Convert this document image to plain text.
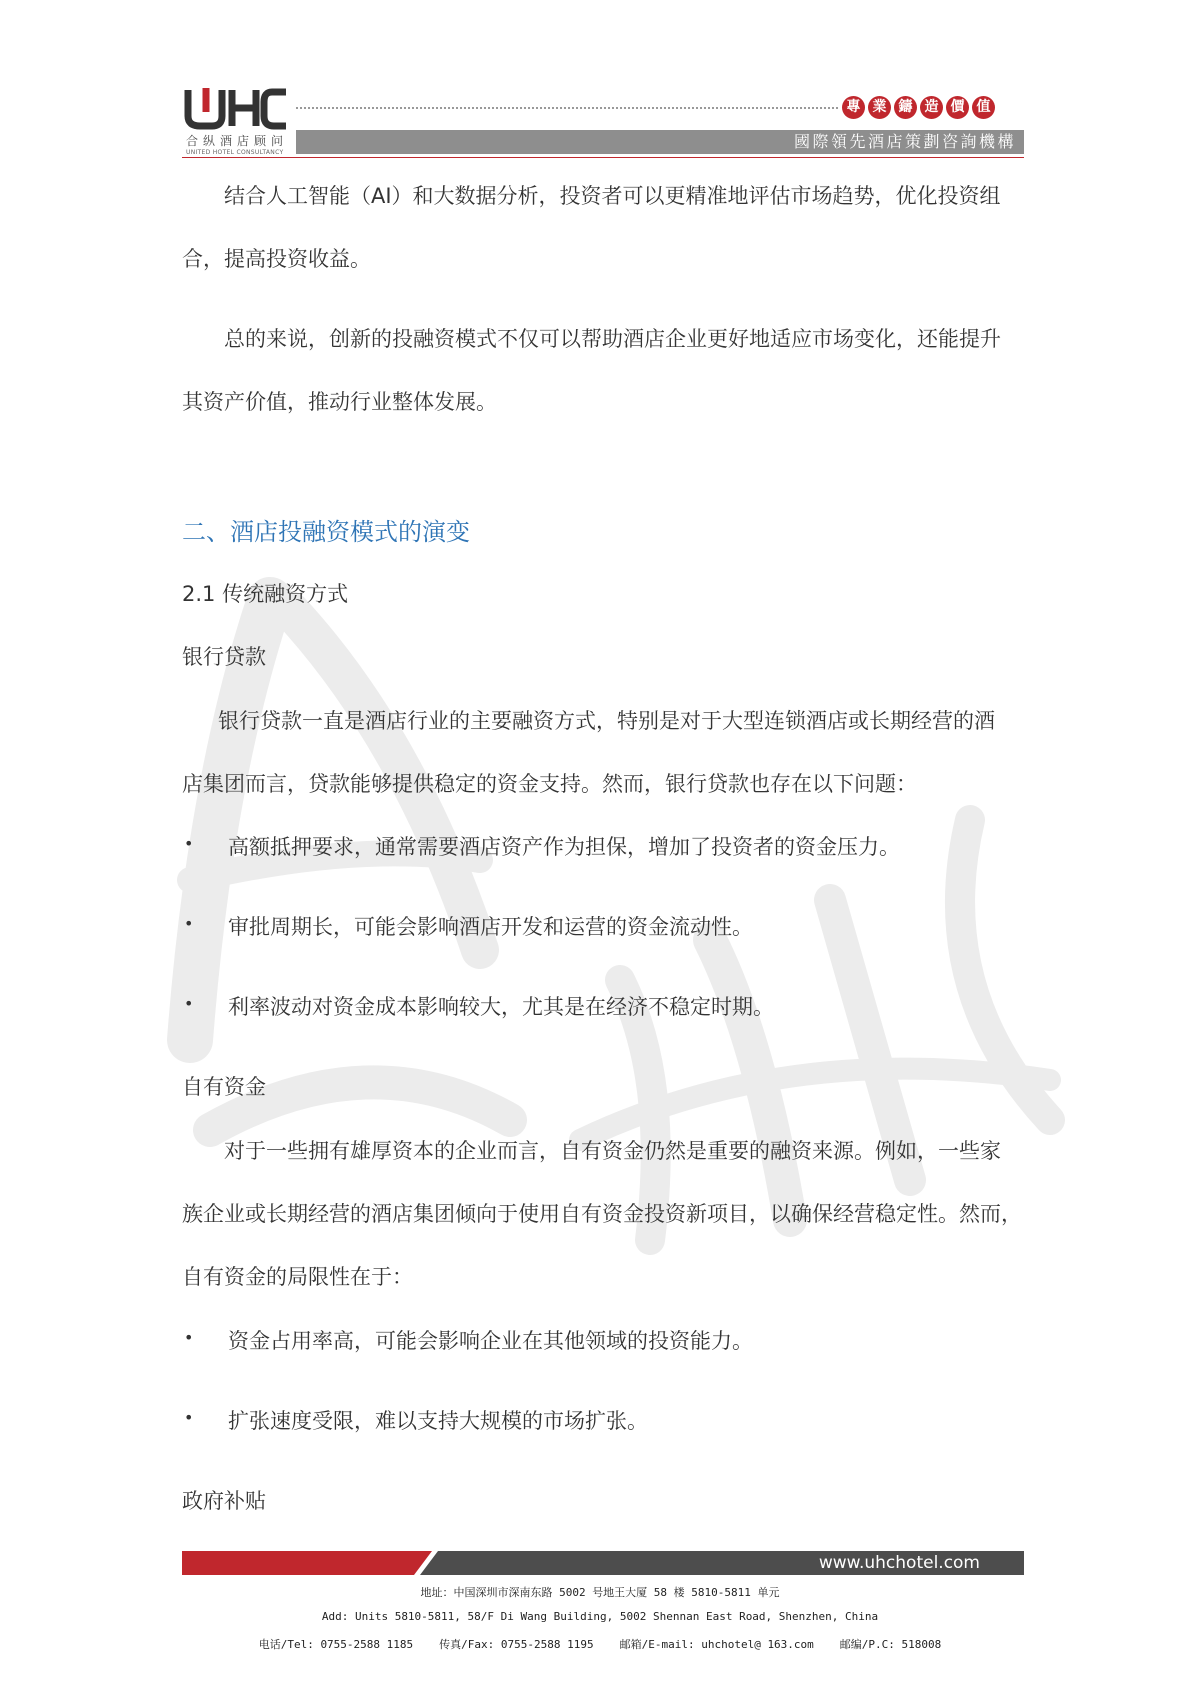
合纵酒店顾问
UNITED HOTEL CONSULTANCY
專 業 鑄 造 價 值
國際領先酒店策劃咨詢機構

结合人工智能（AI）和大数据分析，投资者可以更精准地评估市场趋势，优化投资组

合，提高投资收益。

总的来说，创新的投融资模式不仅可以帮助酒店企业更好地适应市场变化，还能提升

其资产价值，推动行业整体发展。

二、酒店投融资模式的演变

2.1 传统融资方式

银行贷款

银行贷款一直是酒店行业的主要融资方式，特别是对于大型连锁酒店或长期经营的酒

店集团而言，贷款能够提供稳定的资金支持。然而，银行贷款也存在以下问题：

• 高额抵押要求，通常需要酒店资产作为担保，增加了投资者的资金压力。

• 审批周期长，可能会影响酒店开发和运营的资金流动性。

• 利率波动对资金成本影响较大，尤其是在经济不稳定时期。

自有资金

对于一些拥有雄厚资本的企业而言，自有资金仍然是重要的融资来源。例如，一些家

族企业或长期经营的酒店集团倾向于使用自有资金投资新项目，以确保经营稳定性。然而，

自有资金的局限性在于：

• 资金占用率高，可能会影响企业在其他领域的投资能力。

• 扩张速度受限，难以支持大规模的市场扩张。

政府补贴

www.uhchotel.com
地址：中国深圳市深南东路 5002 号地王大厦 58 楼 5810-5811 单元
Add: Units 5810-5811, 58/F Di Wang Building, 5002 Shennan East Road, Shenzhen, China
电话/Tel: 0755-2588 1185 传真/Fax: 0755-2588 1195 邮箱/E-mail: uhchotel@ 163.com 邮编/P.C: 518008
